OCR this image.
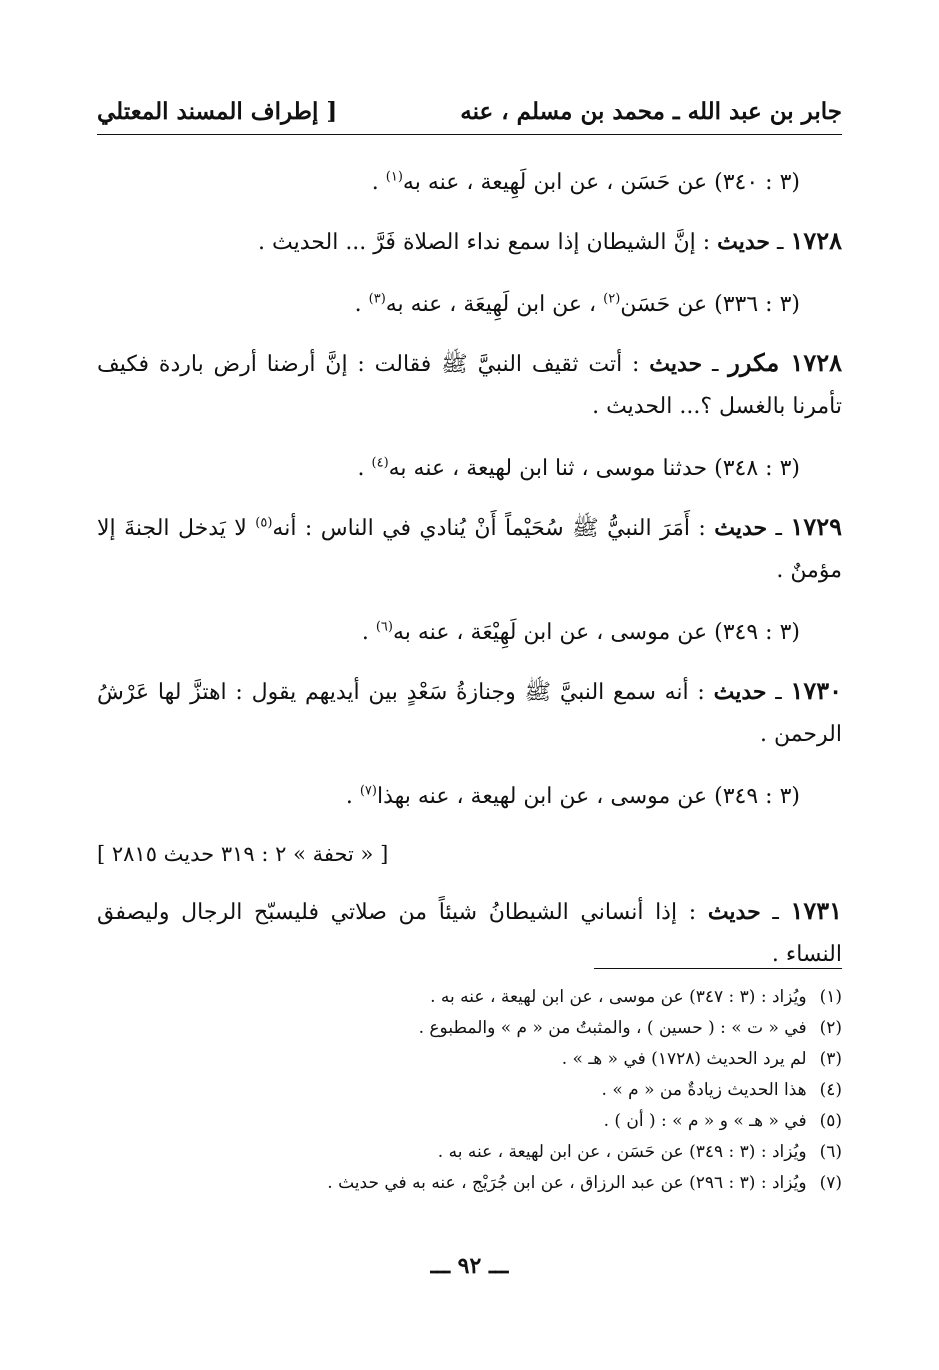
جابر بن عبد الله ـ محمد بن مسلم ، عنه
[ إطراف المسند المعتلي

(٣ : ٣٤٠) عن حَسَن ، عن ابن لَهِيعة ، عنه به$^{(١)}$ .

١٧٢٨ ـ حديث : إنَّ الشيطان إذا سمع نداء الصلاة فَرَّ ... الحديث .

(٣ : ٣٣٦) عن حَسَن$^{(٢)}$ ، عن ابن لَهِيعَة ، عنه به$^{(٣)}$ .

١٧٢٨ مكرر ـ حديث : أتت ثقيف النبيَّ ﷺ فقالت : إنَّ أرضنا أرض باردة فكيف تأمرنا بالغسل ؟... الحديث .

(٣ : ٣٤٨) حدثنا موسى ، ثنا ابن لهيعة ، عنه به$^{(٤)}$ .

١٧٢٩ ـ حديث : أَمَرَ النبيُّ ﷺ سُحَيْماً أَنْ يُنادي في الناس : أنه$^{(٥)}$ لا يَدخل الجنةَ إلا مؤمنٌ .

(٣ : ٣٤٩) عن موسى ، عن ابن لَهِيْعَة ، عنه به$^{(٦)}$ .

١٧٣٠ ـ حديث : أنه سمع النبيَّ ﷺ وجنازةُ سَعْدٍ بين أيديهم يقول : اهتزَّ لها عَرْشُ الرحمن .

(٣ : ٣٤٩) عن موسى ، عن ابن لهيعة ، عنه بهذا$^{(٧)}$ .

[ « تحفة » ٢ : ٣١٩ حديث ٢٨١٥ ]

١٧٣١ ـ حديث : إذا أنساني الشيطانُ شيئاً من صلاتي فليسبّح الرجال وليصفق النساء .

(١) ويُزاد : (٣ : ٣٤٧) عن موسى ، عن ابن لهيعة ، عنه به .

(٢) في « ت » : ( حسين ) ، والمثبتُ من « م » والمطبوع .

(٣) لم يرد الحديث (١٧٢٨) في « هـ » .

(٤) هذا الحديث زيادةٌ من « م » .

(٥) في « هـ » و « م » : ( أن ) .

(٦) ويُزاد : (٣ : ٣٤٩) عن حَسَن ، عن ابن لهيعة ، عنه به .

(٧) ويُزاد : (٣ : ٢٩٦) عن عبد الرزاق ، عن ابن جُرَيْج ، عنه به في حديث .

ـــ ٩٢ ـــ
